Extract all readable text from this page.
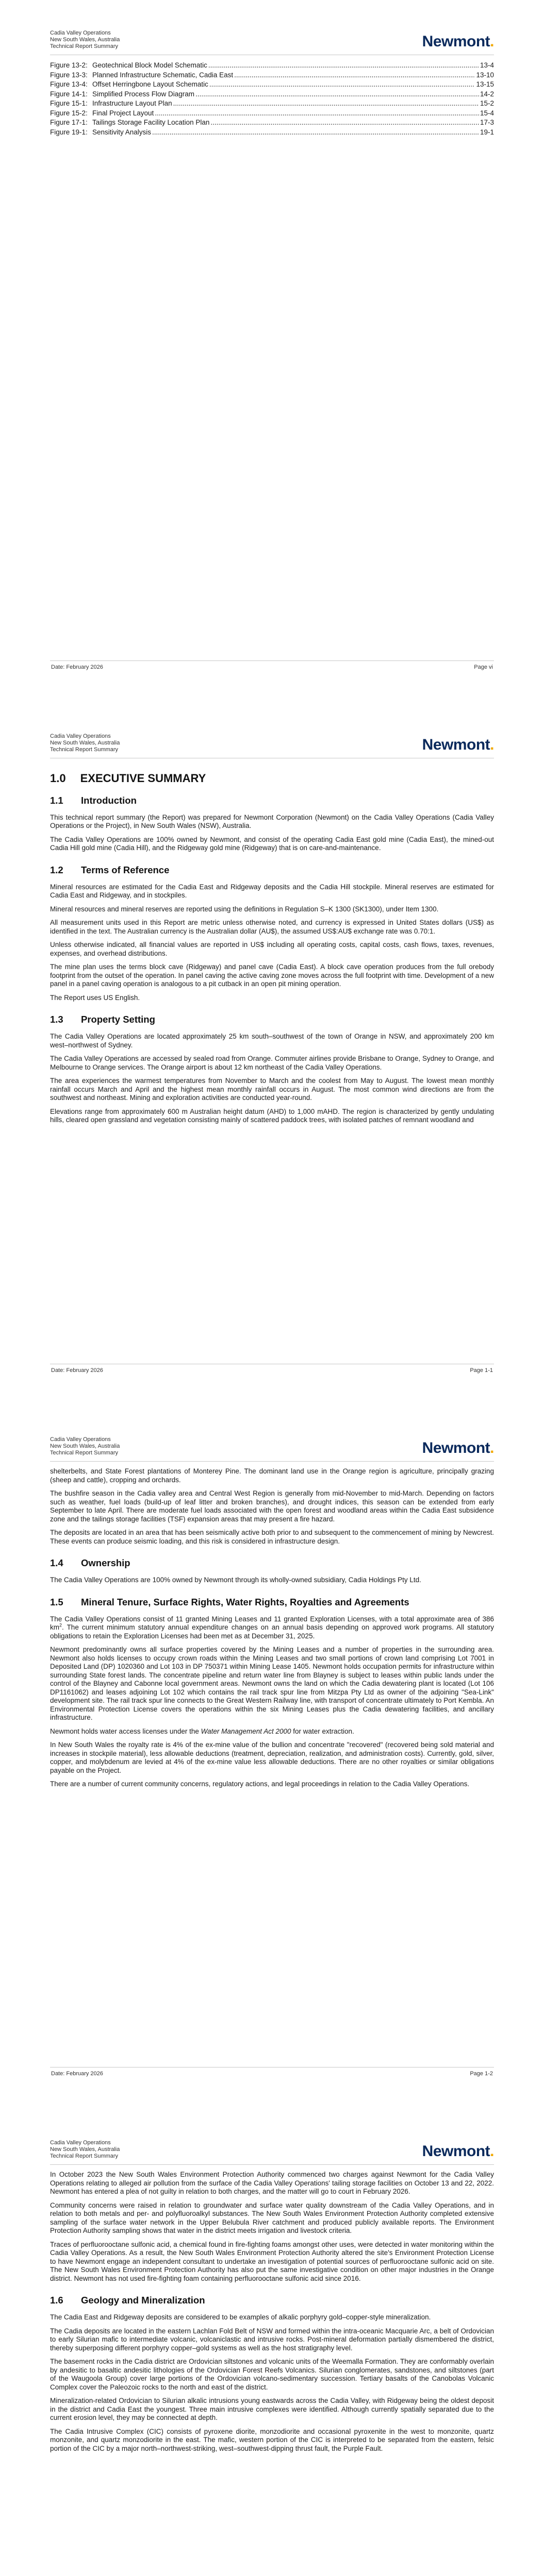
Cadia Valley Operations
New South Wales, Australia
Technical Report Summary	Newmont .
Figure 13-2: Geotechnical Block Model Schematic .....	13-4
Figure 13-3: Planned Infrastructure Schematic, Cadia East .....	13-10
Figure 13-4: Offset Herringbone Layout Schematic .....	13-15
Figure 14-1: Simplified Process Flow Diagram .....	14-2
Figure 15-1: Infrastructure Layout Plan .....	15-2
Figure 15-2: Final Project Layout .....	15-4
Figure 17-1: Tailings Storage Facility Location Plan .....	17-3
Figure 19-1: Sensitivity Analysis .....	19-1
Date: February 2026	Page vi
Cadia Valley Operations
New South Wales, Australia
Technical Report Summary	Newmont .
1.0 EXECUTIVE SUMMARY
1.1	Introduction

This technical report summary (the Report) was prepared for Newmont Corporation (Newmont) on the Cadia Valley Operations (Cadia Valley Operations or the Project), in New South Wales (NSW), Australia.

The Cadia Valley Operations are 100% owned by Newmont, and consist of the operating Cadia East gold mine (Cadia East), the mined-out Cadia Hill gold mine (Cadia Hill), and the Ridgeway gold mine (Ridgeway) that is on care-and-maintenance.

1.2	Terms of Reference

Mineral resources are estimated for the Cadia East and Ridgeway deposits and the Cadia Hill stockpile. Mineral reserves are estimated for Cadia East and Ridgeway, and in stockpiles.

Mineral resources and mineral reserves are reported using the definitions in Regulation S–K 1300 (SK1300), under Item 1300.

All measurement units used in this Report are metric unless otherwise noted, and currency is expressed in United States dollars (US$) as identified in the text. The Australian currency is the Australian dollar (AU$), the assumed US$:AU$ exchange rate was 0.70:1.

Unless otherwise indicated, all financial values are reported in US$ including all operating costs, capital costs, cash flows, taxes, revenues, expenses, and overhead distributions.

The mine plan uses the terms block cave (Ridgeway) and panel cave (Cadia East). A block cave operation produces from the full orebody footprint from the outset of the operation. In panel caving the active caving zone moves across the full footprint with time. Development of a new panel in a panel caving operation is analogous to a pit cutback in an open pit mining operation.

The Report uses US English.

1.3	Property Setting

The Cadia Valley Operations are located approximately 25 km south–southwest of the town of Orange in NSW, and approximately 200 km west–northwest of Sydney.

The Cadia Valley Operations are accessed by sealed road from Orange. Commuter airlines provide Brisbane to Orange, Sydney to Orange, and Melbourne to Orange services. The Orange airport is about 12 km northeast of the Cadia Valley Operations.

The area experiences the warmest temperatures from November to March and the coolest from May to August. The lowest mean monthly rainfall occurs March and April and the highest mean monthly rainfall occurs in August. The most common wind directions are from the southwest and northeast. Mining and exploration activities are conducted year-round.

Elevations range from approximately 600 m Australian height datum (AHD) to 1,000 mAHD. The region is characterized by gently undulating hills, cleared open grassland and vegetation consisting mainly of scattered paddock trees, with isolated patches of remnant woodland and

Date: February 2026	Page 1-1
Cadia Valley Operations
New South Wales, Australia
Technical Report Summary	Newmont .

shelterbelts, and State Forest plantations of Monterey Pine. The dominant land use in the Orange region is agriculture, principally grazing (sheep and cattle), cropping and orchards.

The bushfire season in the Cadia valley area and Central West Region is generally from mid-November to mid-March. Depending on factors such as weather, fuel loads (build-up of leaf litter and broken branches), and drought indices, this season can be extended from early September to late April. There are moderate fuel loads associated with the open forest and woodland areas within the Cadia East subsidence zone and the tailings storage facilities (TSF) expansion areas that may present a fire hazard.

The deposits are located in an area that has been seismically active both prior to and subsequent to the commencement of mining by Newcrest. These events can produce seismic loading, and this risk is considered in infrastructure design.

1.4	Ownership

The Cadia Valley Operations are 100% owned by Newmont through its wholly-owned subsidiary, Cadia Holdings Pty Ltd.

1.5	Mineral Tenure, Surface Rights, Water Rights, Royalties and Agreements

The Cadia Valley Operations consist of 11 granted Mining Leases and 11 granted Exploration Licenses, with a total approximate area of 386 $km^2$. The current minimum statutory annual expenditure changes on an annual basis depending on approved work programs. All statutory obligations to retain the Exploration Licenses had been met as at December 31, 2025.

Newmont predominantly owns all surface properties covered by the Mining Leases and a number of properties in the surrounding area. Newmont also holds licenses to occupy crown roads within the Mining Leases and two small portions of crown land comprising Lot 7001 in Deposited Land (DP) 1020360 and Lot 103 in DP 750371 within Mining Lease 1405. Newmont holds occupation permits for infrastructure within surrounding State forest lands. The concentrate pipeline and return water line from Blayney is subject to leases within public lands under the control of the Blayney and Cabonne local government areas. Newmont owns the land on which the Cadia dewatering plant is located (Lot 106 DP1161062) and leases adjoining Lot 102 which contains the rail track spur line from Mitzpa Pty Ltd as owner of the adjoining "Sea-Link" development site. The rail track spur line connects to the Great Western Railway line, with transport of concentrate ultimately to Port Kembla. An Environmental Protection License covers the operations within the six Mining Leases plus the Cadia dewatering facilities, and ancillary infrastructure.

Newmont holds water access licenses under the Water Management Act 2000 for water extraction.

In New South Wales the royalty rate is 4% of the ex-mine value of the bullion and concentrate "recovered" (recovered being sold material and increases in stockpile material), less allowable deductions (treatment, depreciation, realization, and administration costs). Currently, gold, silver, copper, and molybdenum are levied at 4% of the ex-mine value less allowable deductions. There are no other royalties or similar obligations payable on the Project.

There are a number of current community concerns, regulatory actions, and legal proceedings in relation to the Cadia Valley Operations.

Date: February 2026	Page 1-2
Cadia Valley Operations
New South Wales, Australia
Technical Report Summary	Newmont .

In October 2023 the New South Wales Environment Protection Authority commenced two charges against Newmont for the Cadia Valley Operations relating to alleged air pollution from the surface of the Cadia Valley Operations' tailing storage facilities on October 13 and 22, 2022. Newmont has entered a plea of not guilty in relation to both charges, and the matter will go to court in February 2026.

Community concerns were raised in relation to groundwater and surface water quality downstream of the Cadia Valley Operations, and in relation to both metals and per- and polyfluoroalkyl substances. The New South Wales Environment Protection Authority completed extensive sampling of the surface water network in the Upper Belubula River catchment and produced publicly available reports. The Environment Protection Authority sampling shows that water in the district meets irrigation and livestock criteria.

Traces of perfluorooctane sulfonic acid, a chemical found in fire-fighting foams amongst other uses, were detected in water monitoring within the Cadia Valley Operations. As a result, the New South Wales Environment Protection Authority altered the site's Environment Protection License to have Newmont engage an independent consultant to undertake an investigation of potential sources of perfluorooctane sulfonic acid on site. The New South Wales Environment Protection Authority has also put the same investigative condition on other major industries in the Orange district. Newmont has not used fire-fighting foam containing perfluorooctane sulfonic acid since 2016.

1.6	Geology and Mineralization

The Cadia East and Ridgeway deposits are considered to be examples of alkalic porphyry gold–copper-style mineralization.

The Cadia deposits are located in the eastern Lachlan Fold Belt of NSW and formed within the intra-oceanic Macquarie Arc, a belt of Ordovician to early Silurian mafic to intermediate volcanic, volcaniclastic and intrusive rocks. Post-mineral deformation partially dismembered the district, thereby superposing different porphyry copper–gold systems as well as the host stratigraphy level.

The basement rocks in the Cadia district are Ordovician siltstones and volcanic units of the Weemalla Formation. They are conformably overlain by andesitic to basaltic andesitic lithologies of the Ordovician Forest Reefs Volcanics. Silurian conglomerates, sandstones, and siltstones (part of the Waugoola Group) cover large portions of the Ordovician volcano-sedimentary succession. Tertiary basalts of the Canobolas Volcanic Complex cover the Paleozoic rocks to the north and east of the district.

Mineralization-related Ordovician to Silurian alkalic intrusions young eastwards across the Cadia Valley, with Ridgeway being the oldest deposit in the district and Cadia East the youngest. Three main intrusive complexes were identified. Although currently spatially separated due to the current erosion level, they may be connected at depth.

The Cadia Intrusive Complex (CIC) consists of pyroxene diorite, monzodiorite and occasional pyroxenite in the west to monzonite, quartz monzonite, and quartz monzodiorite in the east. The mafic, western portion of the CIC is interpreted to be separated from the eastern, felsic portion of the CIC by a major north–northwest-striking, west–southwest-dipping thrust fault, the Purple Fault.
